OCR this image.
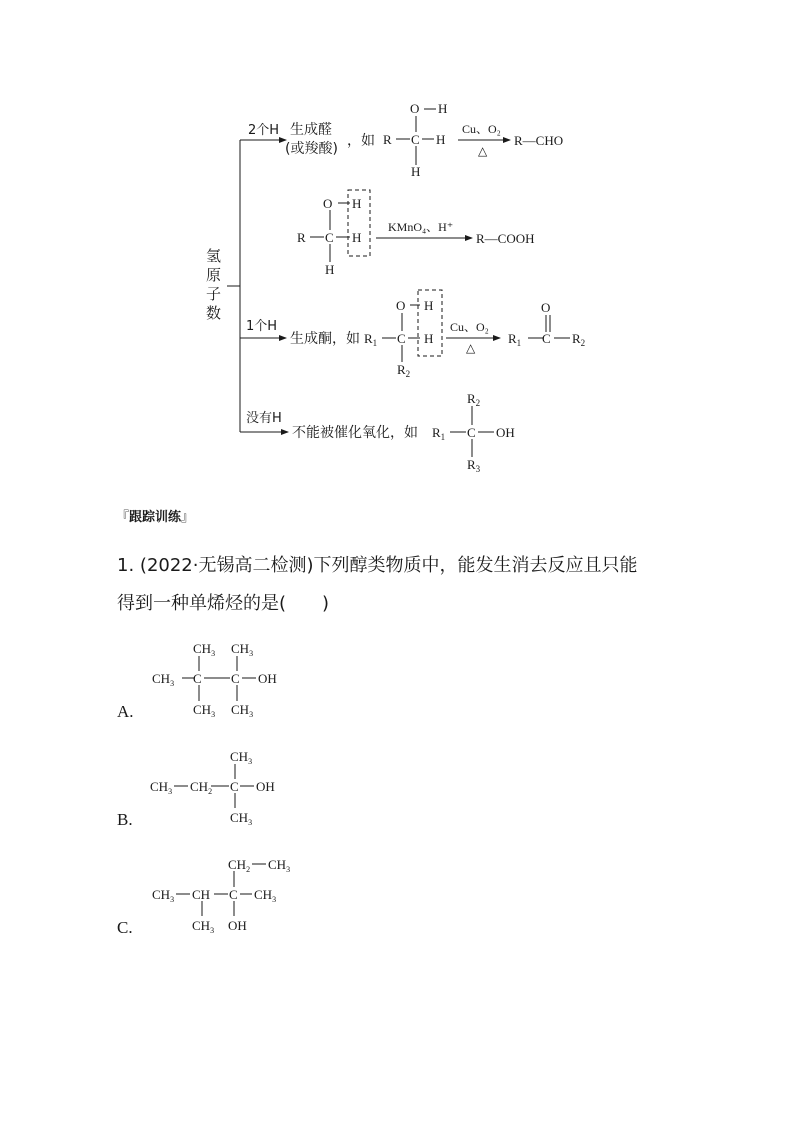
2个H 生成醛
(或羧酸) ，如 R C H
O H
H
Cu、O₂
△
R—CHO
R C H
O H
H
KMnO₄、H⁺
R—COOH
1个H
生成酮，如 $R_1$ C H
O H
$R_2$
$R_1$ C
O
$R_2$
Cu、O₂
△
没有H
不能被催化氧化，如 $R_1$ C OH
$R_2$
$R_3$
$CH_3$ C C OH
$CH_3$ $CH_3$
$CH_3$ $CH_3$
$CH_3$ $CH_2$ C OH
$CH_3$
$CH_3$
$CH_3$ CH C $CH_3$
$CH_2$ $CH_3$
$CH_3$ OH
氢原子数
『跟踪训练』
1. (2022·无锡高二检测)下列醇类物质中，能发生消去反应且只能
得到一种单烯烃的是(　　)
A.
B.
C.
